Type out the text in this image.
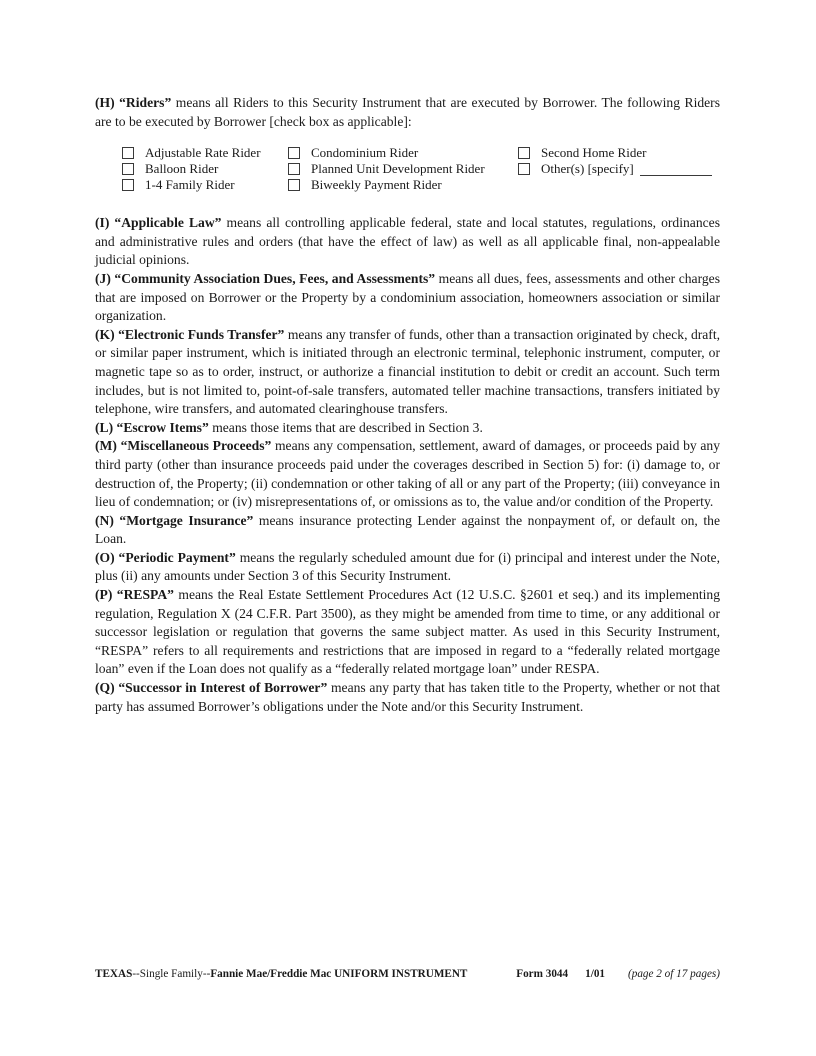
(H) “Riders” means all Riders to this Security Instrument that are executed by Borrower. The following Riders are to be executed by Borrower [check box as applicable]:

Adjustable Rate Rider
Balloon Rider
1-4 Family Rider
Condominium Rider
Planned Unit Development Rider
Biweekly Payment Rider
Second Home Rider
Other(s) [specify]

(I) “Applicable Law” means all controlling applicable federal, state and local statutes, regulations, ordinances and administrative rules and orders (that have the effect of law) as well as all applicable final, non-appealable judicial opinions.

(J) “Community Association Dues, Fees, and Assessments” means all dues, fees, assessments and other charges that are imposed on Borrower or the Property by a condominium association, homeowners association or similar organization.

(K) “Electronic Funds Transfer” means any transfer of funds, other than a transaction originated by check, draft, or similar paper instrument, which is initiated through an electronic terminal, telephonic instrument, computer, or magnetic tape so as to order, instruct, or authorize a financial institution to debit or credit an account. Such term includes, but is not limited to, point-of-sale transfers, automated teller machine transactions, transfers initiated by telephone, wire transfers, and automated clearinghouse transfers.

(L) “Escrow Items” means those items that are described in Section 3.

(M) “Miscellaneous Proceeds” means any compensation, settlement, award of damages, or proceeds paid by any third party (other than insurance proceeds paid under the coverages described in Section 5) for: (i) damage to, or destruction of, the Property; (ii) condemnation or other taking of all or any part of the Property; (iii) conveyance in lieu of condemnation; or (iv) misrepresentations of, or omissions as to, the value and/or condition of the Property.

(N) “Mortgage Insurance” means insurance protecting Lender against the nonpayment of, or default on, the Loan.

(O) “Periodic Payment” means the regularly scheduled amount due for (i) principal and interest under the Note, plus (ii) any amounts under Section 3 of this Security Instrument.

(P) “RESPA” means the Real Estate Settlement Procedures Act (12 U.S.C. §2601 et seq.) and its implementing regulation, Regulation X (24 C.F.R. Part 3500), as they might be amended from time to time, or any additional or successor legislation or regulation that governs the same subject matter. As used in this Security Instrument, “RESPA” refers to all requirements and restrictions that are imposed in regard to a “federally related mortgage loan” even if the Loan does not qualify as a “federally related mortgage loan” under RESPA.

(Q) “Successor in Interest of Borrower” means any party that has taken title to the Property, whether or not that party has assumed Borrower’s obligations under the Note and/or this Security Instrument.

TEXAS --Single Family-- Fannie Mae/Freddie Mac UNIFORM INSTRUMENT	Form 3044 1/01 (page 2 of 17 pages)
